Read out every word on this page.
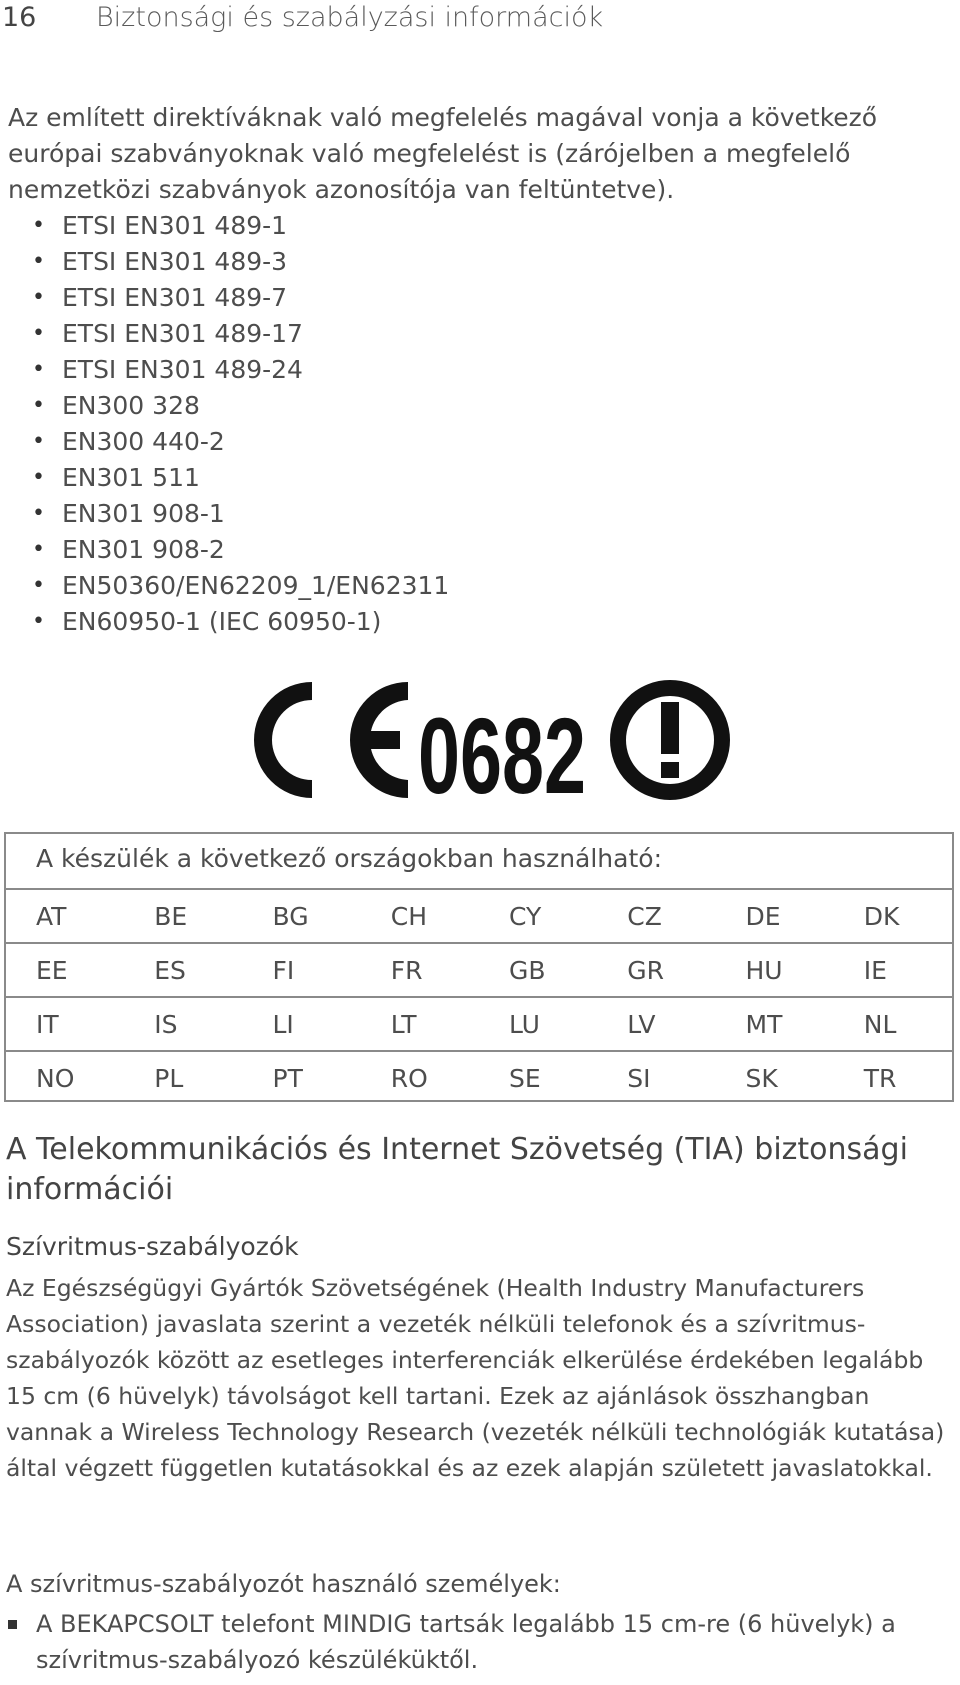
16 Biztonsági és szabályzási információk

Az említett direktíváknak való megfelelés magával vonja a következő európai szabványoknak való megfelelést is (zárójelben a megfelelő nemzetközi szabványok azonosítója van feltüntetve).

• ETSI EN301 489-1
• ETSI EN301 489-3
• ETSI EN301 489-7
• ETSI EN301 489-17
• ETSI EN301 489-24
• EN300 328
• EN300 440-2
• EN301 511
• EN301 908-1
• EN301 908-2
• EN50360/EN62209_1/EN62311
• EN60950-1 (IEC 60950-1)
0682
A készülék a következő országokban használható:
AT	BE	BG	CH	CY	CZ	DE	DK
EE	ES	FI	FR	GB	GR	HU	IE
IT	IS	LI	LT	LU	LV	MT	NL
NO	PL	PT	RO	SE	SI	SK	TR
A Telekommunikációs és Internet Szövetség (TIA) biztonsági információi
Szívritmus-szabályozók

Az Egészségügyi Gyártók Szövetségének (Health Industry Manufacturers Association) javaslata szerint a vezeték nélküli telefonok és a szívritmus-szabályozók között az esetleges interferenciák elkerülése érdekében legalább 15 cm (6 hüvelyk) távolságot kell tartani. Ezek az ajánlások összhangban vannak a Wireless Technology Research (vezeték nélküli technológiák kutatása) által végzett független kutatásokkal és az ezek alapján született javaslatokkal.

A szívritmus-szabályozót használó személyek:

A BEKAPCSOLT telefont MINDIG tartsák legalább 15 cm-re (6 hüvelyk) a szívritmus-szabályozó készüléküktől.
